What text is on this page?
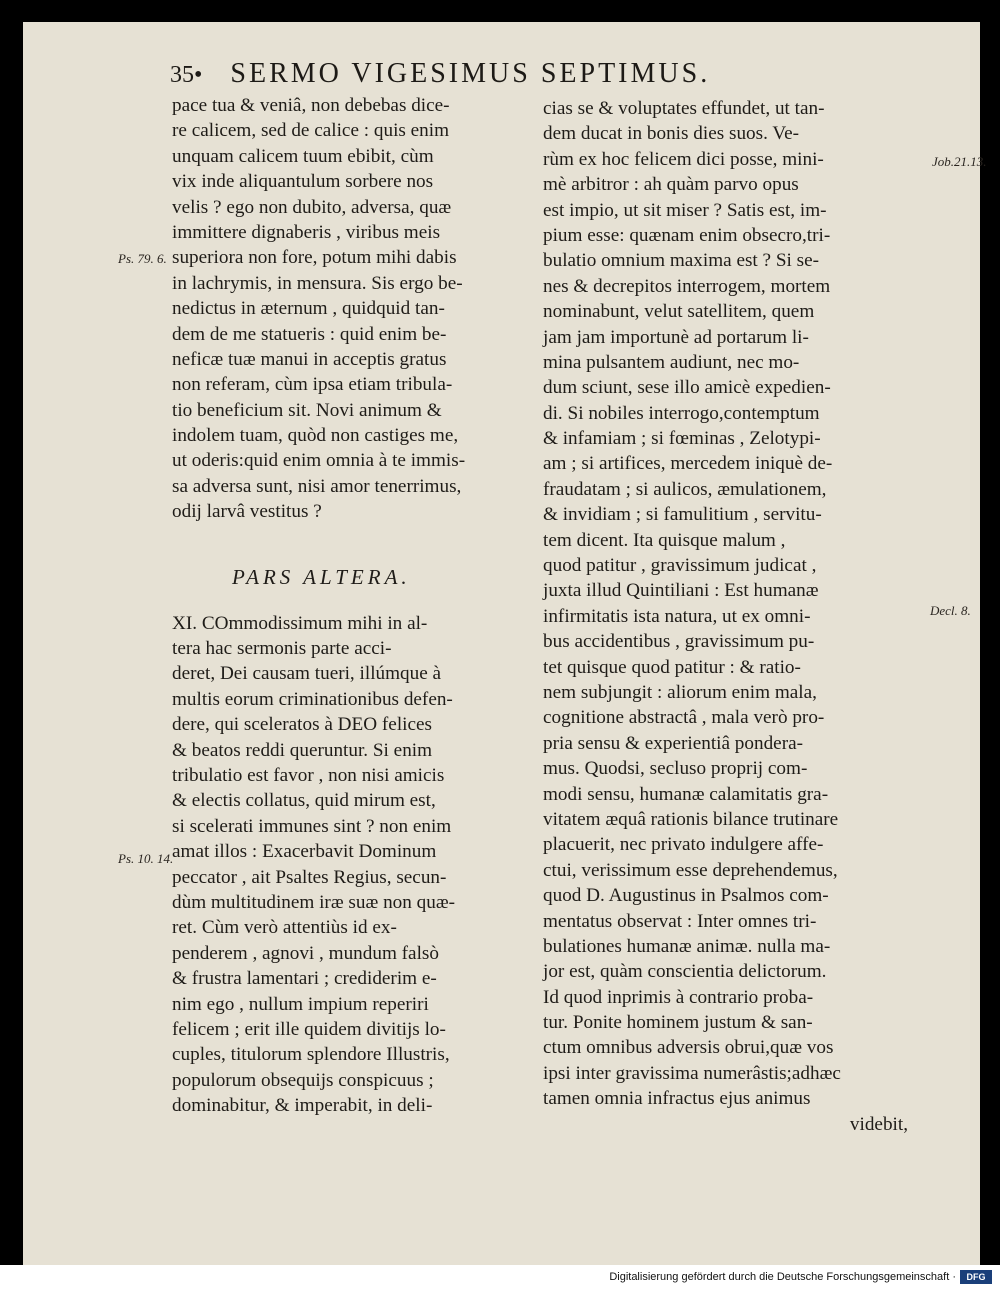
35• SERMO VIGESIMUS SEPTIMUS.
Ps. 79. 6.
Ps. 10. 14.
Job.21.13.
Decl. 8.
pace tua & veniâ, non debebas dice-
re calicem, sed de calice : quis enim
unquam calicem tuum ebibit, cùm
vix inde aliquantulum sorbere nos
velis ? ego non dubito, adversa, quæ
immittere dignaberis , viribus meis
superiora non fore, potum mihi dabis
in lachrymis, in mensura. Sis ergo be-
nedictus in æternum , quidquid tan-
dem de me statueris : quid enim be-
neficæ tuæ manui in acceptis gratus
non referam, cùm ipsa etiam tribula-
tio beneficium sit. Novi animum &
indolem tuam, quòd non castiges me,
ut oderis:quid enim omnia à te immis-
sa adversa sunt, nisi amor tenerrimus,
odij larvâ vestitus ?
PARS ALTERA.
XI. COmmodissimum mihi in al-
tera hac sermonis parte acci-
deret, Dei causam tueri, illúmque à
multis eorum criminationibus defen-
dere, qui sceleratos à DEO felices
& beatos reddi queruntur. Si enim
tribulatio est favor , non nisi amicis
& electis collatus, quid mirum est,
si scelerati immunes sint ? non enim
amat illos : Exacerbavit Dominum
peccator , ait Psaltes Regius, secun-
dùm multitudinem iræ suæ non quæ-
ret. Cùm verò attentiùs id ex-
penderem , agnovi , mundum falsò
& frustra lamentari ; crediderim e-
nim ego , nullum impium reperiri
felicem ; erit ille quidem divitijs lo-
cuples, titulorum splendore Illustris,
populorum obsequijs conspicuus ;
dominabitur, & imperabit, in deli-
cias se & voluptates effundet, ut tan-
dem ducat in bonis dies suos. Ve-
rùm ex hoc felicem dici posse, mini-
mè arbitror : ah quàm parvo opus
est impio, ut sit miser ? Satis est, im-
pium esse: quænam enim obsecro,tri-
bulatio omnium maxima est ? Si se-
nes & decrepitos interrogem, mortem
nominabunt, velut satellitem, quem
jam jam importunè ad portarum li-
mina pulsantem audiunt, nec mo-
dum sciunt, sese illo amicè expedien-
di. Si nobiles interrogo,contemptum
& infamiam ; si fœminas , Zelotypi-
am ; si artifices, mercedem iniquè de-
fraudatam ; si aulicos, æmulationem,
& invidiam ; si famulitium , servitu-
tem dicent. Ita quisque malum ,
quod patitur , gravissimum judicat ,
juxta illud Quintiliani : Est humanæ
infirmitatis ista natura, ut ex omni-
bus accidentibus , gravissimum pu-
tet quisque quod patitur : & ratio-
nem subjungit : aliorum enim mala,
cognitione abstractâ , mala verò pro-
pria sensu & experientiâ pondera-
mus. Quodsi, secluso proprij com-
modi sensu, humanæ calamitatis gra-
vitatem æquâ rationis bilance trutinare
placuerit, nec privato indulgere affe-
ctui, verissimum esse deprehendemus,
quod D. Augustinus in Psalmos com-
mentatus observat : Inter omnes tri-
bulationes humanæ animæ. nulla ma-
jor est, quàm conscientia delictorum.
Id quod inprimis à contrario proba-
tur. Ponite hominem justum & san-
ctum omnibus adversis obrui,quæ vos
ipsi inter gravissima numerâstis;adhæc
tamen omnia infractus ejus animus
videbit,
Digitalisierung gefördert durch die Deutsche Forschungsgemeinschaft ·	DFG
